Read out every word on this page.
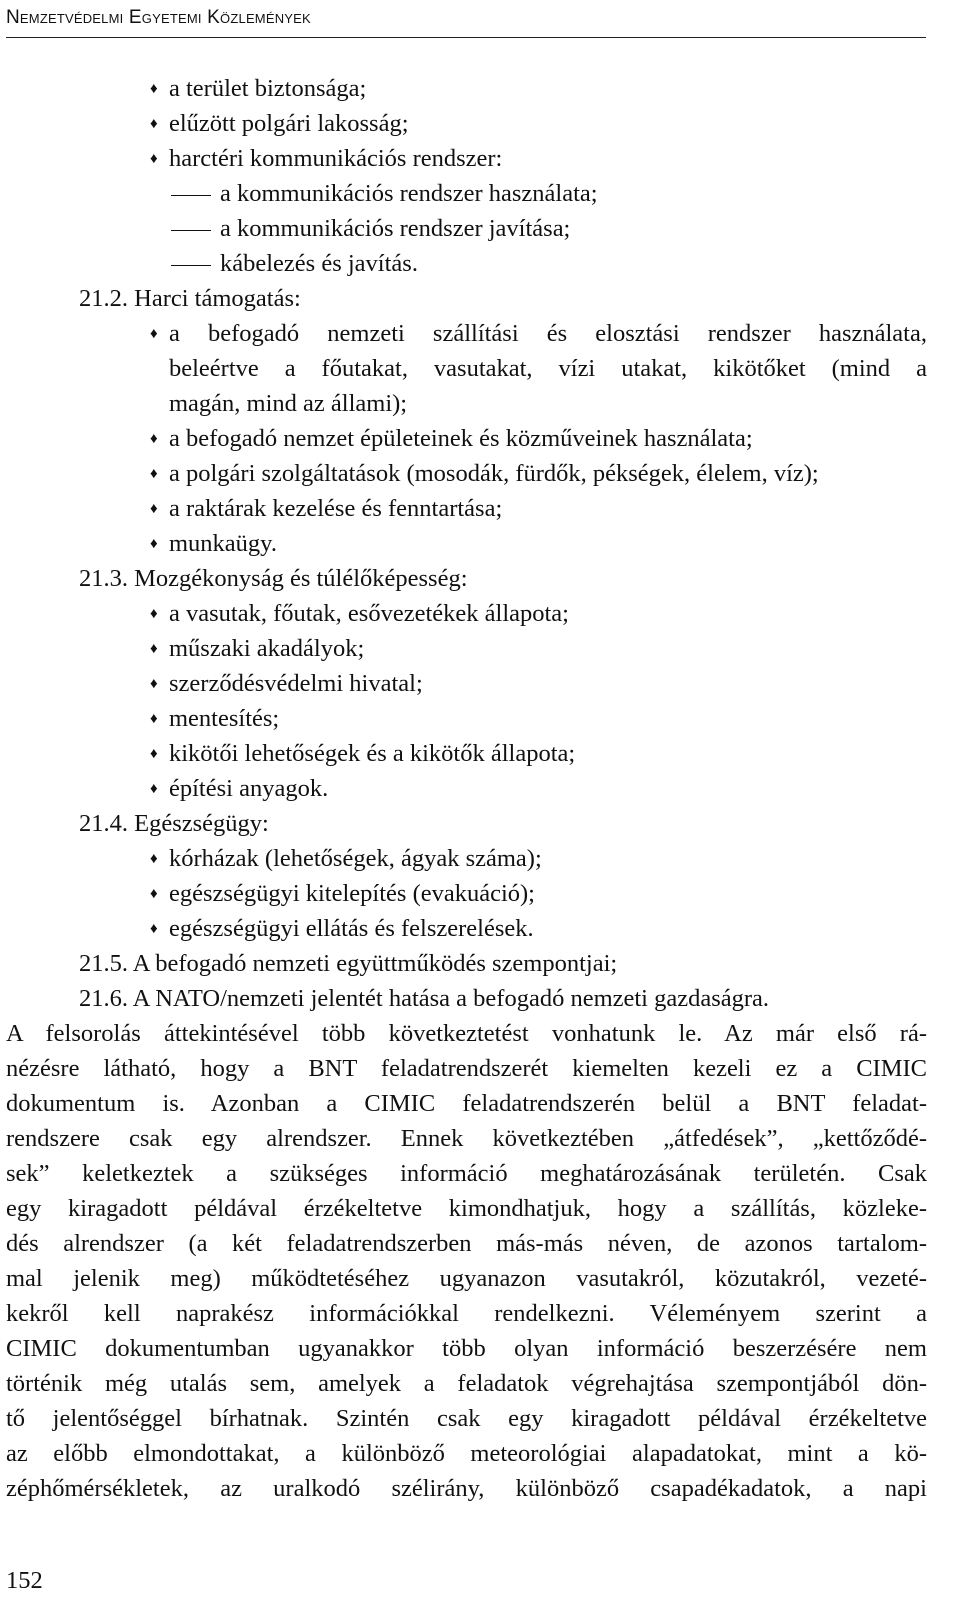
Nemzetvédelmi Egyetemi Közlemények
♦ a terület biztonsága;
♦ elűzött polgári lakosság;
♦ harctéri kommunikációs rendszer:
a kommunikációs rendszer használata;
a kommunikációs rendszer javítása;
kábelezés és javítás.
21.2. Harci támogatás:
♦ a befogadó nemzeti szállítási és elosztási rendszer használata,
beleértve a főutakat, vasutakat, vízi utakat, kikötőket (mind a
magán, mind az állami);
♦ a befogadó nemzet épületeinek és közműveinek használata;
♦ a polgári szolgáltatások (mosodák, fürdők, pékségek, élelem, víz);
♦ a raktárak kezelése és fenntartása;
♦ munkaügy.
21.3. Mozgékonyság és túlélőképesség:
♦ a vasutak, főutak, esővezetékek állapota;
♦ műszaki akadályok;
♦ szerződésvédelmi hivatal;
♦ mentesítés;
♦ kikötői lehetőségek és a kikötők állapota;
♦ építési anyagok.
21.4. Egészségügy:
♦ kórházak (lehetőségek, ágyak száma);
♦ egészségügyi kitelepítés (evakuáció);
♦ egészségügyi ellátás és felszerelések.
21.5. A befogadó nemzeti együttműködés szempontjai;
21.6. A NATO/nemzeti jelentét hatása a befogadó nemzeti gazdaságra.
A felsorolás áttekintésével több következtetést vonhatunk le. Az már első rá-
nézésre látható, hogy a BNT feladatrendszerét kiemelten kezeli ez a CIMIC
dokumentum is. Azonban a CIMIC feladatrendszerén belül a BNT feladat-
rendszere csak egy alrendszer. Ennek következtében „átfedések”, „kettőződé-
sek” keletkeztek a szükséges információ meghatározásának területén. Csak
egy kiragadott példával érzékeltetve kimondhatjuk, hogy a szállítás, közleke-
dés alrendszer (a két feladatrendszerben más-más néven, de azonos tartalom-
mal jelenik meg) működtetéséhez ugyanazon vasutakról, közutakról, vezeté-
kekről kell naprakész információkkal rendelkezni. Véleményem szerint a
CIMIC dokumentumban ugyanakkor több olyan információ beszerzésére nem
történik még utalás sem, amelyek a feladatok végrehajtása szempontjából dön-
tő jelentőséggel bírhatnak. Szintén csak egy kiragadott példával érzékeltetve
az előbb elmondottakat, a különböző meteorológiai alapadatokat, mint a kö-
zéphőmérsékletek, az uralkodó szélirány, különböző csapadékadatok, a napi
152
